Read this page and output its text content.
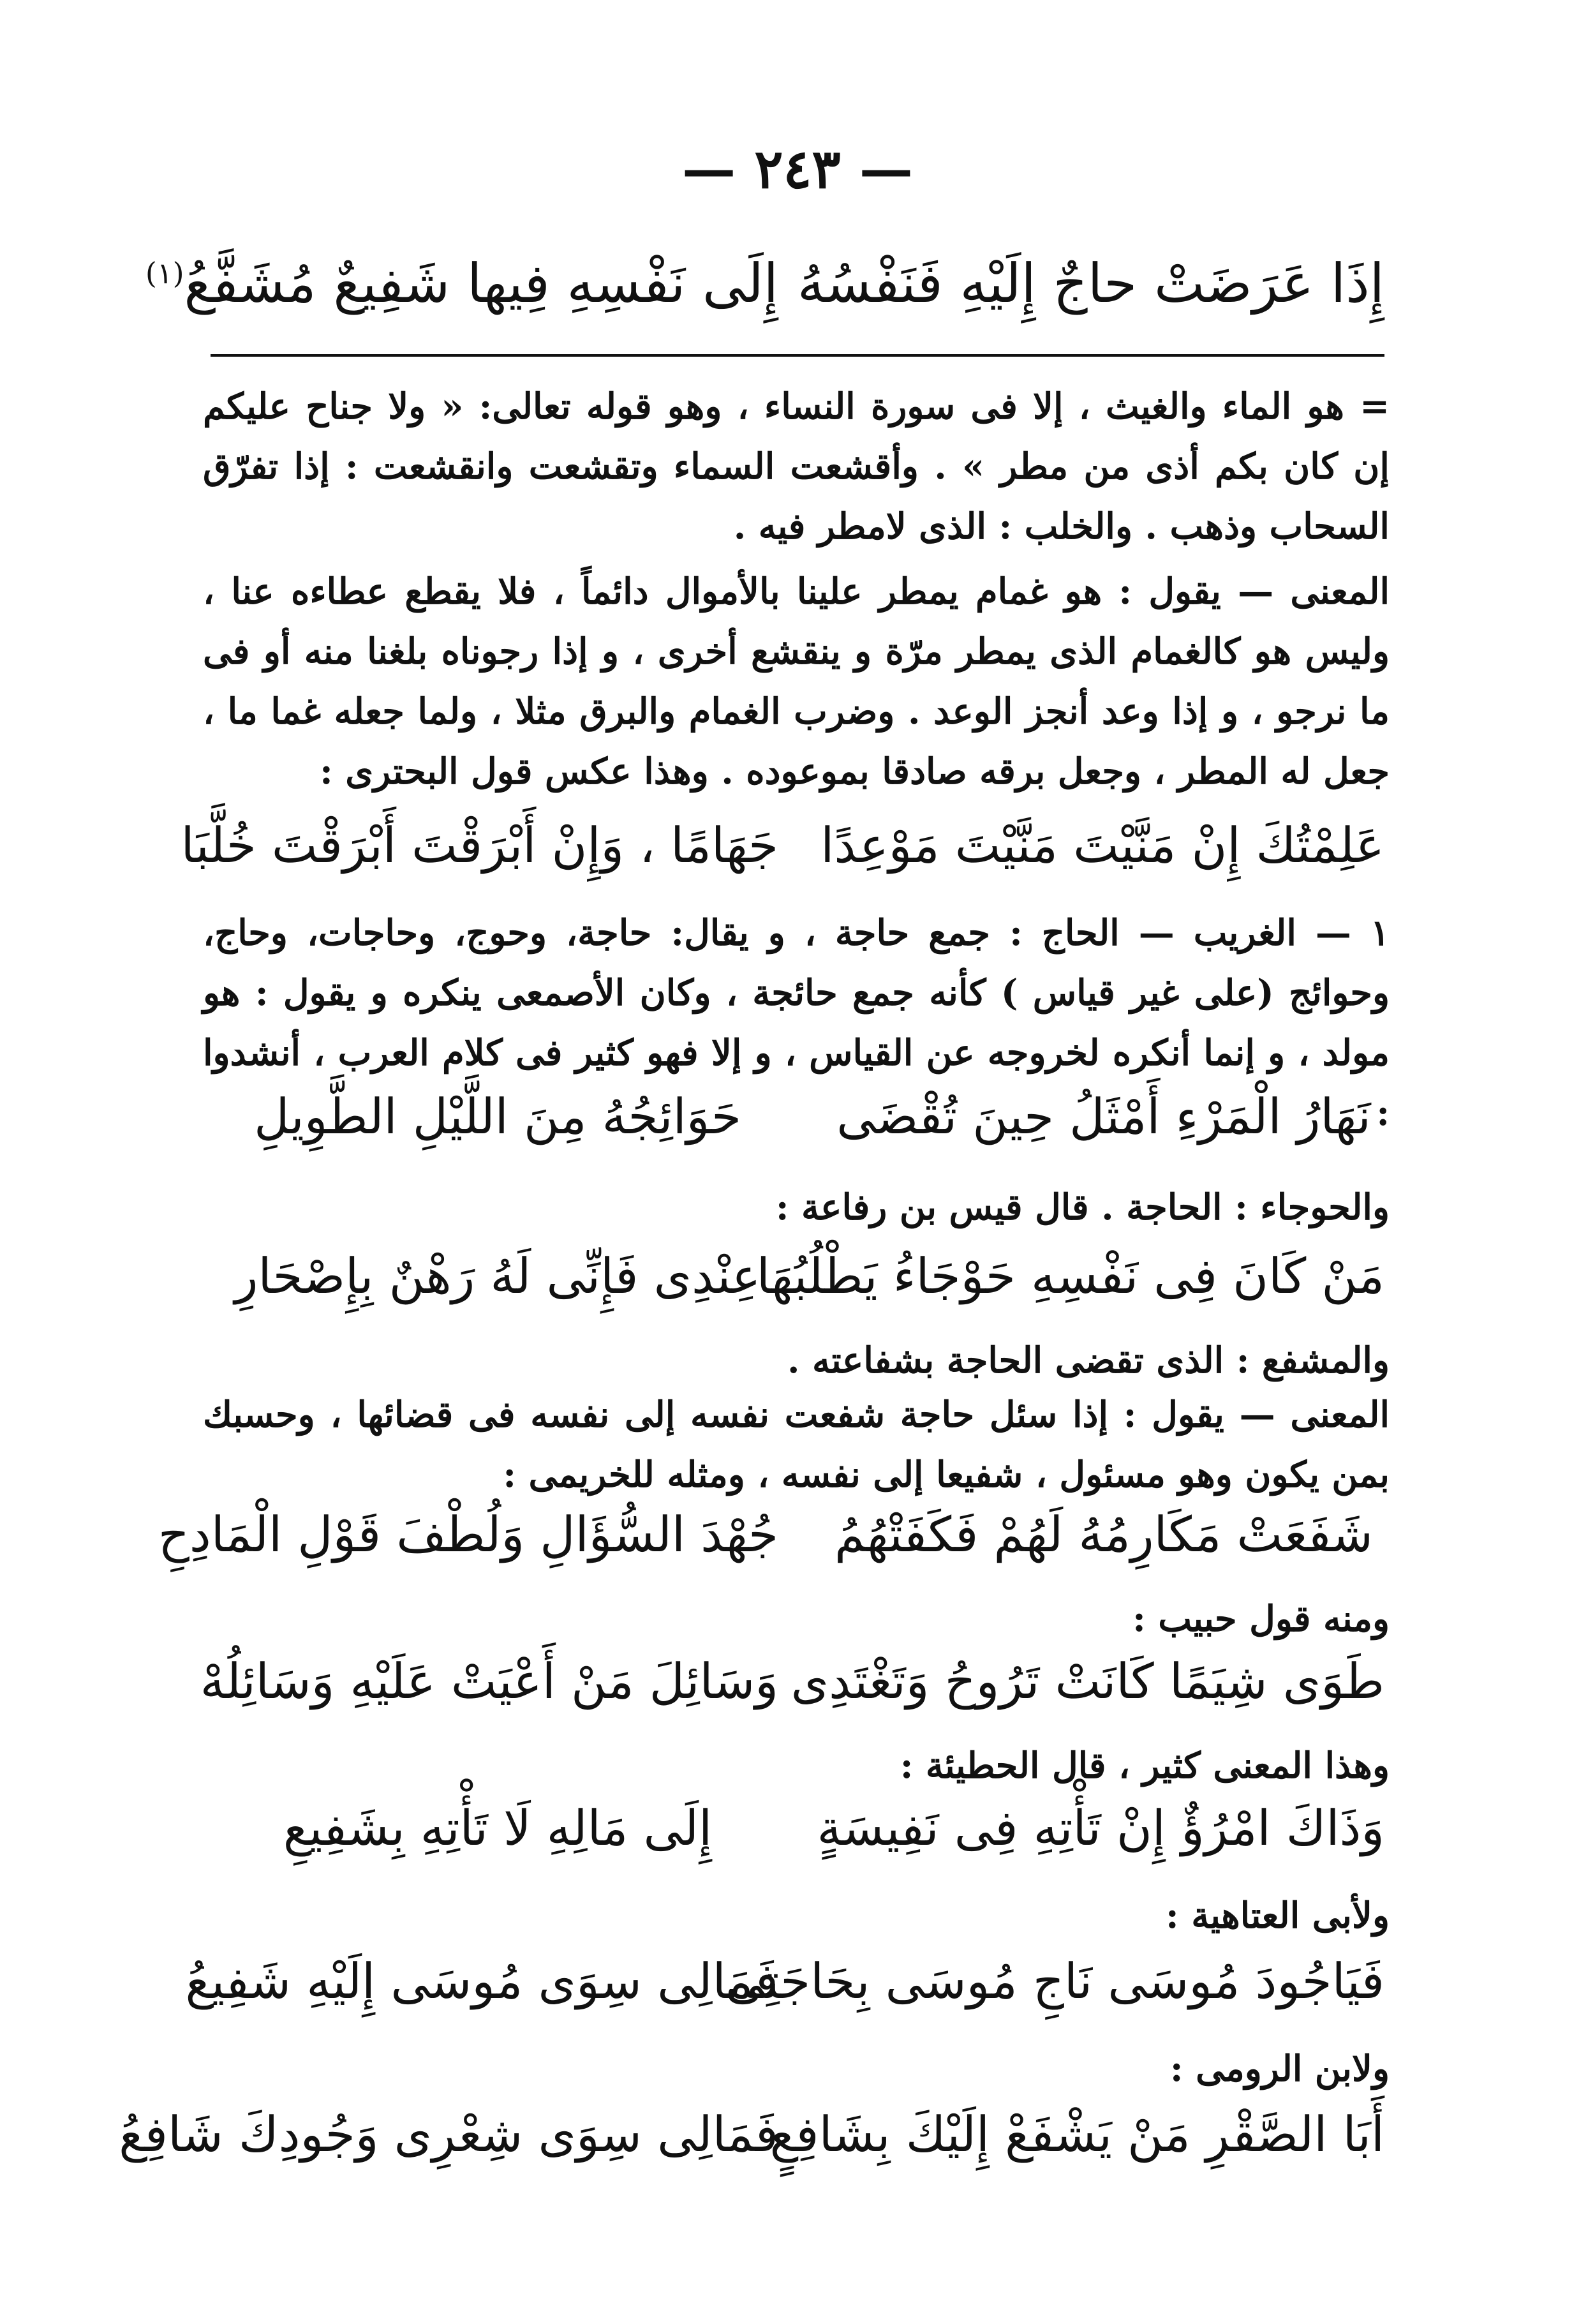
— ٢٤٣ —
إِذَا عَرَضَتْ حاجٌ إِلَيْهِ فَنَفْسُهُ
إِلَى نَفْسِهِ فِيها شَفِيعٌ مُشَفَّعُ$^{(١)}$
= هو الماء والغيث ، إلا فى سورة النساء ، وهو قوله تعالى: « ولا جناح عليكم إن كان بكم أذى من مطر » . وأقشعت السماء وتقشعت وانقشعت : إذا تفرّق السحاب وذهب . والخلب : الذى لامطر فيه .
المعنى — يقول : هو غمام يمطر علينا بالأموال دائماً ، فلا يقطع عطاءه عنا ، وليس هو كالغمام الذى يمطر مرّة و ينقشع أخرى ، و إذا رجوناه بلغنا منه أو فى ما نرجو ، و إذا وعد أنجز الوعد . وضرب الغمام والبرق مثلا ، ولما جعله غما ما ، جعل له المطر ، وجعل برقه صادقا بموعوده . وهذا عكس قول البحترى :
عَلِمْتُكَ إِنْ مَنَّيْتَ مَنَّيْتَ مَوْعِدًا
جَهَامًا ، وَإِنْ أَبْرَقْتَ أَبْرَقْتَ خُلَّبَا
١ — الغريب — الحاج : جمع حاجة ، و يقال: حاجة، وحوج، وحاجات، وحاج، وحوائج (على غير قياس ) كأنه جمع حائجة ، وكان الأصمعى ينكره و يقول : هو مولد ، و إنما أنكره لخروجه عن القياس ، و إلا فهو كثير فى كلام العرب ، أنشدوا :
نَهَارُ الْمَرْءِ أَمْثَلُ حِينَ تُقْضَى
حَوَائِجُهُ مِنَ اللَّيْلِ الطَّوِيلِ
والحوجاء : الحاجة . قال قيس بن رفاعة :
مَنْ كَانَ فِى نَفْسِهِ حَوْجَاءُ يَطْلُبُهَا
عِنْدِى فَإِنِّى لَهُ رَهْنٌ بِإِصْحَارِ
والمشفع : الذى تقضى الحاجة بشفاعته .
المعنى — يقول : إذا سئل حاجة شفعت نفسه إلى نفسه فى قضائها ، وحسبك بمن يكون وهو مسئول ، شفيعا إلى نفسه ، ومثله للخريمى :
شَفَعَتْ مَكَارِمُهُ لَهُمْ فَكَفَتْهُمُ
جُهْدَ السُّؤَالِ وَلُطْفَ قَوْلِ الْمَادِحِ
ومنه قول حبيب :
طَوَى شِيَمًا كَانَتْ تَرُوحُ وَتَغْتَدِى
وَسَائِلَ مَنْ أَعْيَتْ عَلَيْهِ وَسَائِلُهْ
وهذا المعنى كثير ، قال الحطيئة :
وَذَاكَ امْرُؤٌ إِنْ تَأْتِهِ فِى نَفِيسَةٍ
إِلَى مَالِهِ لَا تَأْتِهِ بِشَفِيعِ
ولأبى العتاهية :
فَيَاجُودَ مُوسَى نَاجِ مُوسَى بِحَاجَتِى
فَمَالِى سِوَى مُوسَى إِلَيْهِ شَفِيعُ
ولابن الرومى :
أَبَا الصَّقْرِ مَنْ يَشْفَعْ إِلَيْكَ بِشَافِعٍ
فَمَالِى سِوَى شِعْرِى وَجُودِكَ شَافِعُ
